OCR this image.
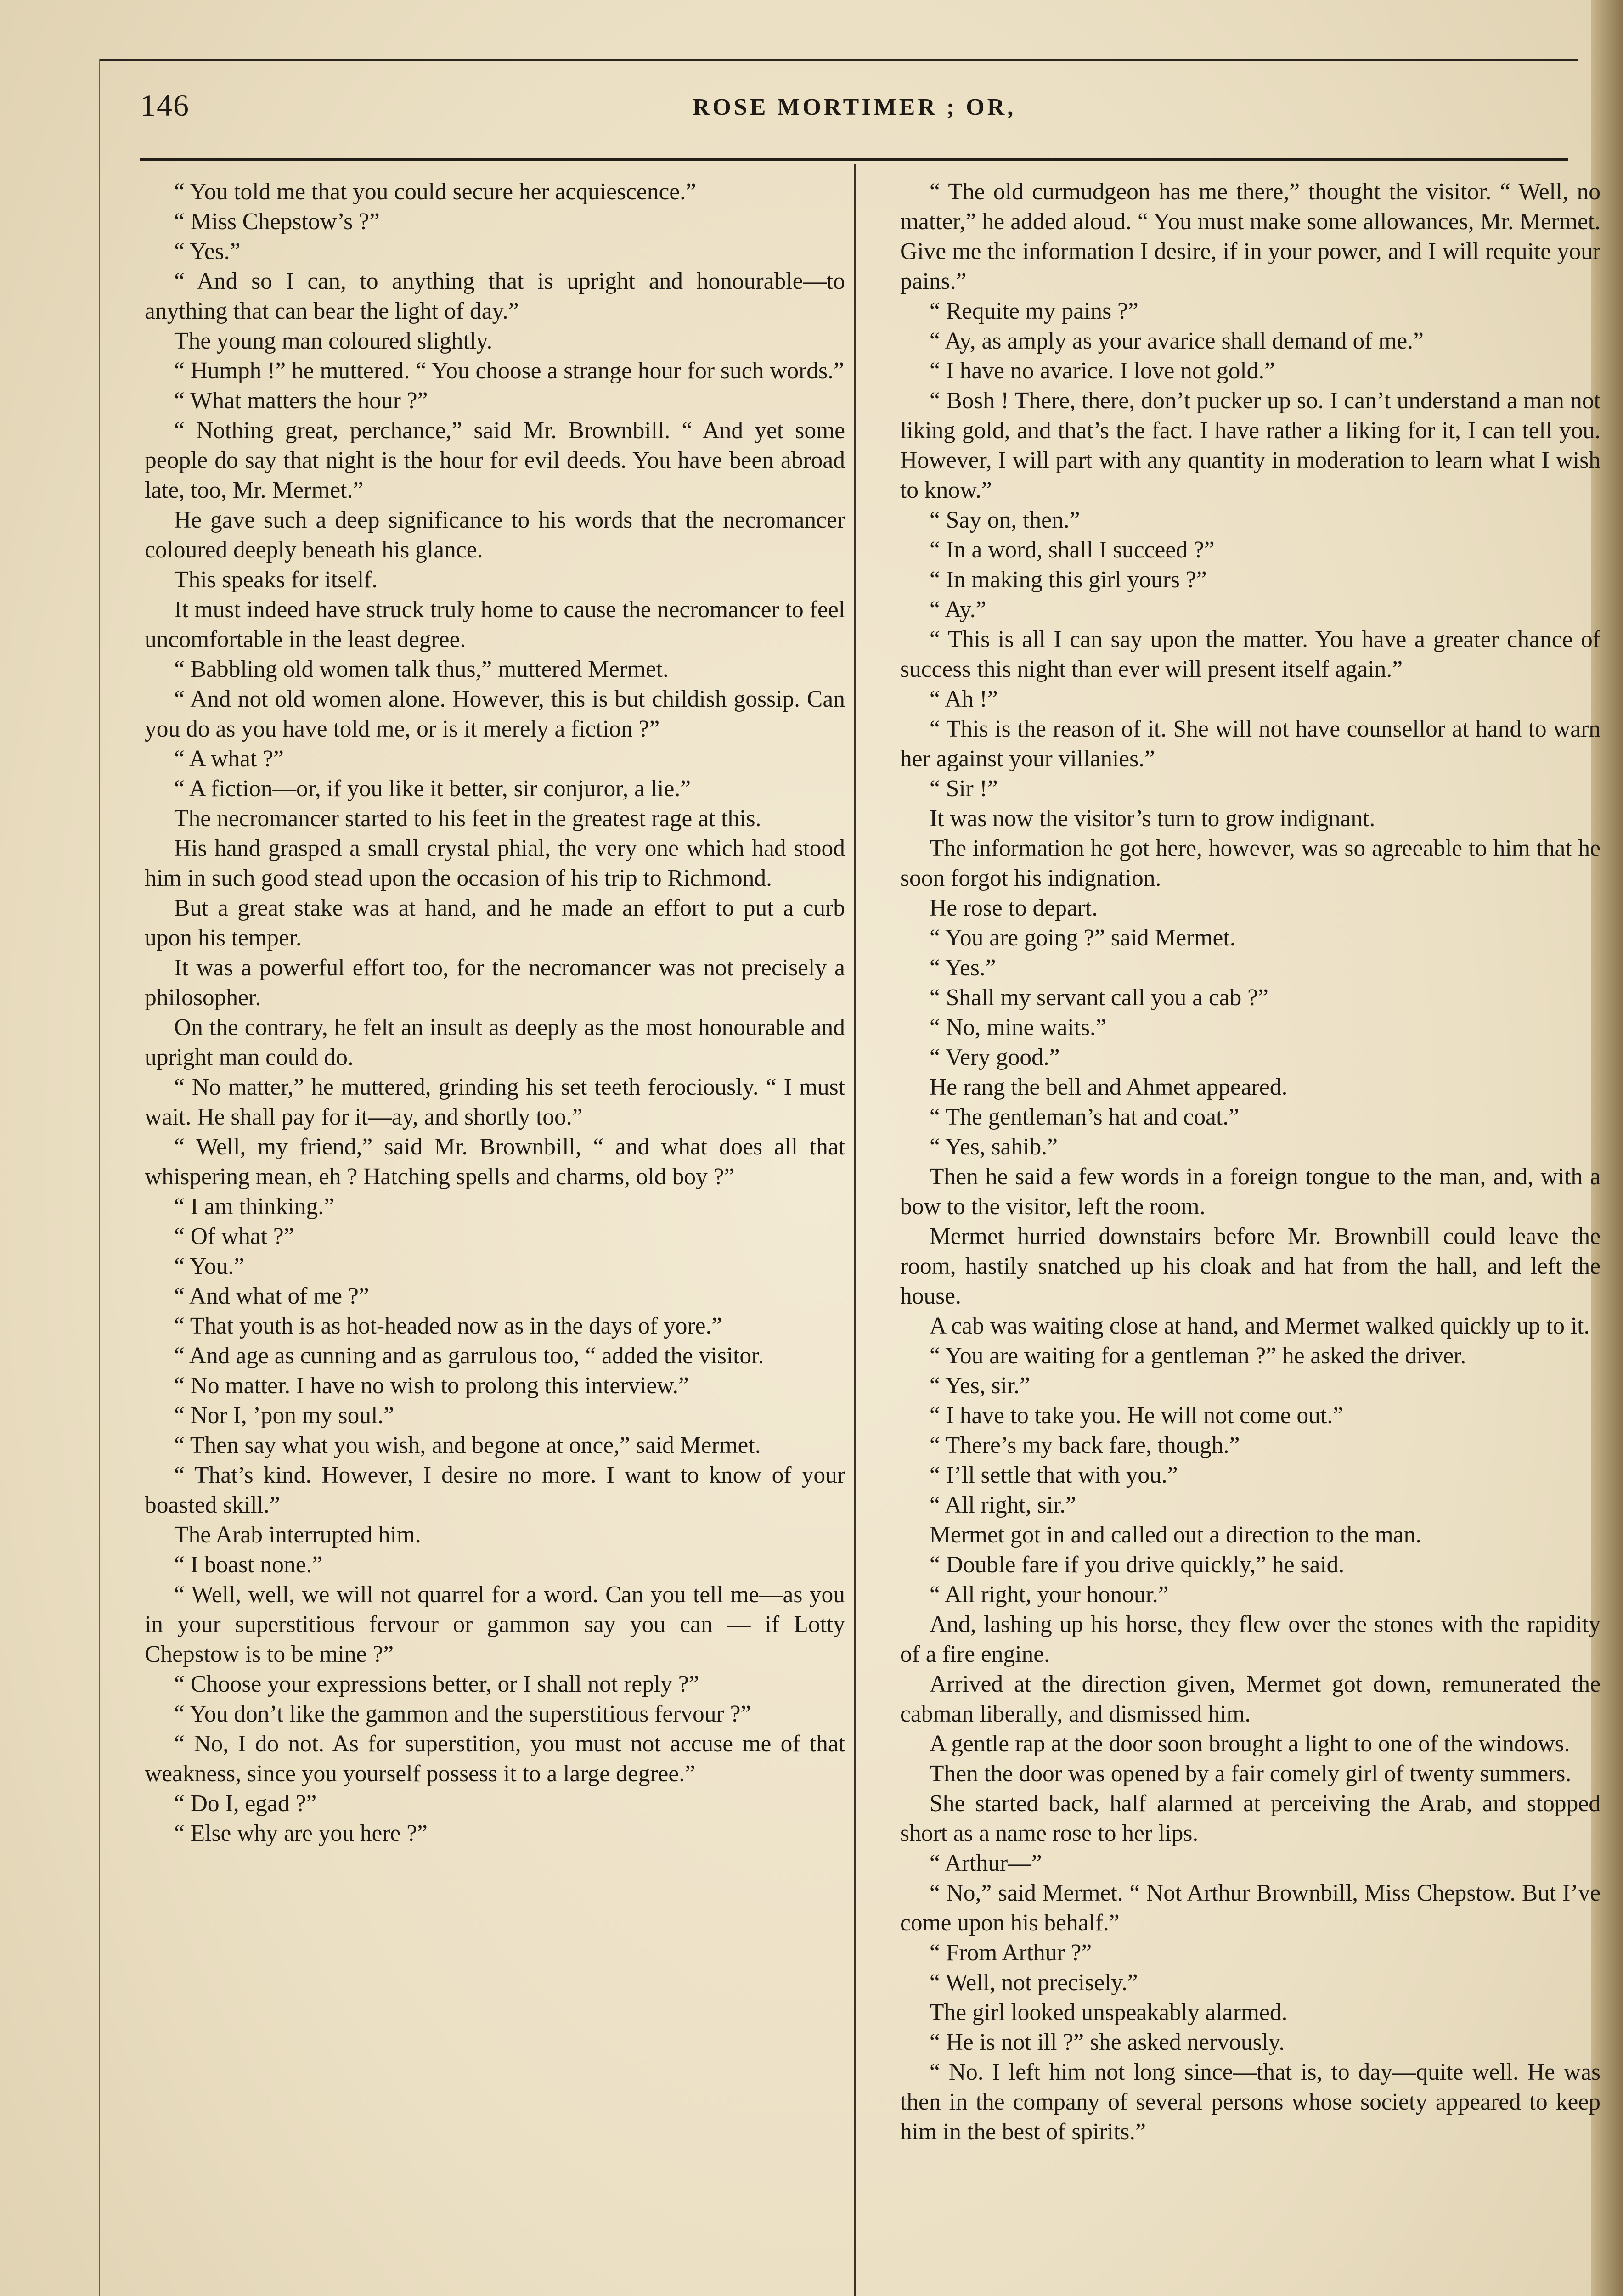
146	ROSE MORTIMER ; OR,

“ You told me that you could secure her acquiescence.”

“ Miss Chepstow’s ?”

“ Yes.”

“ And so I can, to anything that is upright and honourable—to anything that can bear the light of day.”

The young man coloured slightly.

“ Humph !” he muttered. “ You choose a strange hour for such words.”

“ What matters the hour ?”

“ Nothing great, perchance,” said Mr. Brownbill. “ And yet some people do say that night is the hour for evil deeds. You have been abroad late, too, Mr. Mermet.”

He gave such a deep significance to his words that the necromancer coloured deeply beneath his glance.

This speaks for itself.

It must indeed have struck truly home to cause the necromancer to feel uncomfortable in the least degree.

“ Babbling old women talk thus,” muttered Mermet.

“ And not old women alone. However, this is but childish gossip. Can you do as you have told me, or is it merely a fiction ?”

“ A what ?”

“ A fiction—or, if you like it better, sir conjuror, a lie.”

The necromancer started to his feet in the greatest rage at this.

His hand grasped a small crystal phial, the very one which had stood him in such good stead upon the occasion of his trip to Richmond.

But a great stake was at hand, and he made an effort to put a curb upon his temper.

It was a powerful effort too, for the necromancer was not precisely a philosopher.

On the contrary, he felt an insult as deeply as the most honourable and upright man could do.

“ No matter,” he muttered, grinding his set teeth ferociously. “ I must wait. He shall pay for it—ay, and shortly too.”

“ Well, my friend,” said Mr. Brownbill, “ and what does all that whispering mean, eh ? Hatching spells and charms, old boy ?”

“ I am thinking.”

“ Of what ?”

“ You.”

“ And what of me ?”

“ That youth is as hot-headed now as in the days of yore.”

“ And age as cunning and as garrulous too, “ added the visitor.

“ No matter. I have no wish to prolong this interview.”

“ Nor I, ’pon my soul.”

“ Then say what you wish, and begone at once,” said Mermet.

“ That’s kind. However, I desire no more. I want to know of your boasted skill.”

The Arab interrupted him.

“ I boast none.”

“ Well, well, we will not quarrel for a word. Can you tell me—as you in your superstitious fervour or gammon say you can — if Lotty Chepstow is to be mine ?”

“ Choose your expressions better, or I shall not reply ?”

“ You don’t like the gammon and the superstitious fervour ?”

“ No, I do not. As for superstition, you must not accuse me of that weakness, since you yourself possess it to a large degree.”

“ Do I, egad ?”

“ Else why are you here ?”

“ The old curmudgeon has me there,” thought the visitor. “ Well, no matter,” he added aloud. “ You must make some allowances, Mr. Mermet. Give me the information I desire, if in your power, and I will requite your pains.”

“ Requite my pains ?”

“ Ay, as amply as your avarice shall demand of me.”

“ I have no avarice. I love not gold.”

“ Bosh ! There, there, don’t pucker up so. I can’t understand a man not liking gold, and that’s the fact. I have rather a liking for it, I can tell you. However, I will part with any quantity in moderation to learn what I wish to know.”

“ Say on, then.”

“ In a word, shall I succeed ?”

“ In making this girl yours ?”

“ Ay.”

“ This is all I can say upon the matter. You have a greater chance of success this night than ever will present itself again.”

“ Ah !”

“ This is the reason of it. She will not have counsellor at hand to warn her against your villanies.”

“ Sir !”

It was now the visitor’s turn to grow indignant.

The information he got here, however, was so agreeable to him that he soon forgot his indignation.

He rose to depart.

“ You are going ?” said Mermet.

“ Yes.”

“ Shall my servant call you a cab ?”

“ No, mine waits.”

“ Very good.”

He rang the bell and Ahmet appeared.

“ The gentleman’s hat and coat.”

“ Yes, sahib.”

Then he said a few words in a foreign tongue to the man, and, with a bow to the visitor, left the room.

Mermet hurried downstairs before Mr. Brownbill could leave the room, hastily snatched up his cloak and hat from the hall, and left the house.

A cab was waiting close at hand, and Mermet walked quickly up to it.

“ You are waiting for a gentleman ?” he asked the driver.

“ Yes, sir.”

“ I have to take you. He will not come out.”

“ There’s my back fare, though.”

“ I’ll settle that with you.”

“ All right, sir.”

Mermet got in and called out a direction to the man.

“ Double fare if you drive quickly,” he said.

“ All right, your honour.”

And, lashing up his horse, they flew over the stones with the rapidity of a fire engine.

Arrived at the direction given, Mermet got down, remunerated the cabman liberally, and dismissed him.

A gentle rap at the door soon brought a light to one of the windows.

Then the door was opened by a fair comely girl of twenty summers.

She started back, half alarmed at perceiving the Arab, and stopped short as a name rose to her lips.

“ Arthur—”

“ No,” said Mermet. “ Not Arthur Brownbill, Miss Chepstow. But I’ve come upon his behalf.”

“ From Arthur ?”

“ Well, not precisely.”

The girl looked unspeakably alarmed.

“ He is not ill ?” she asked nervously.

“ No. I left him not long since—that is, to day—quite well. He was then in the company of several persons whose society appeared to keep him in the best of spirits.”
